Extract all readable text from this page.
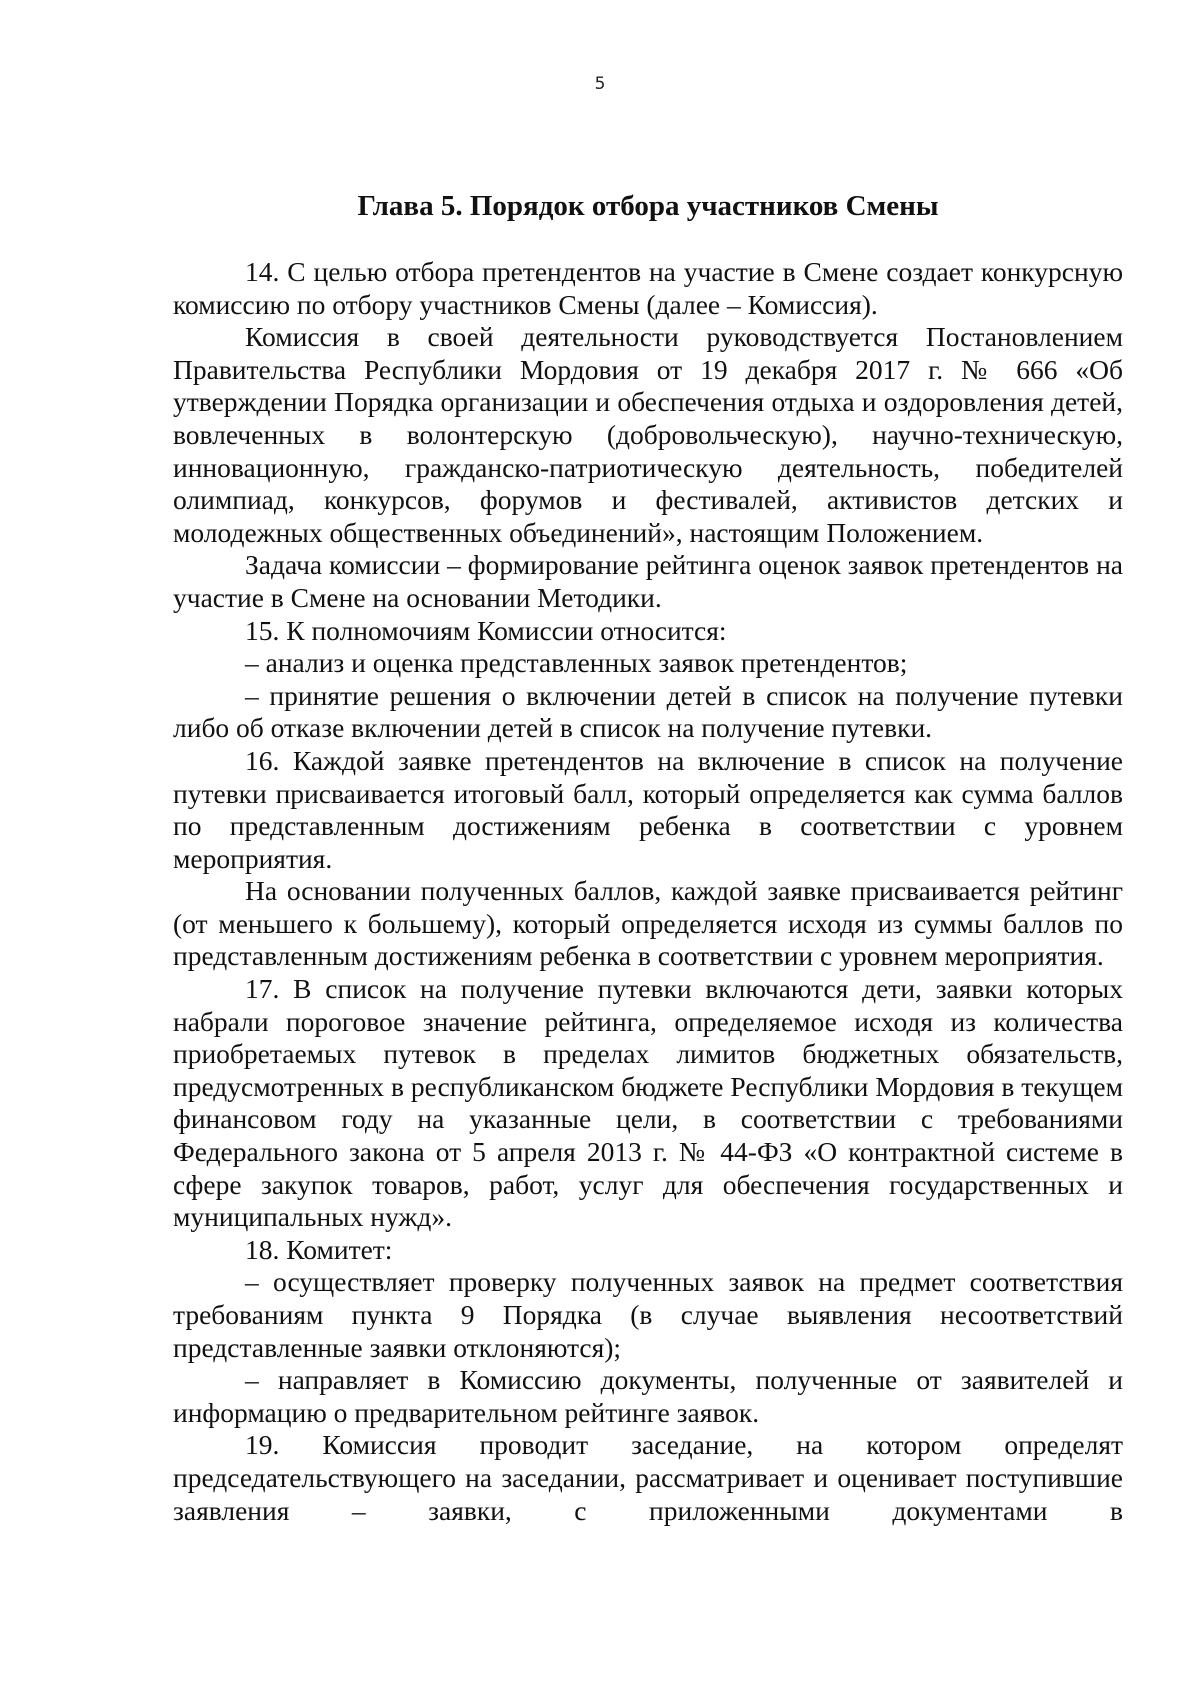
5
Глава 5. Порядок отбора участников Смены

14. С целью отбора претендентов на участие в Смене создает конкурсную комиссию по отбору участников Смены (далее – Комиссия).

Комиссия в своей деятельности руководствуется Постановлением Правительства Республики Мордовия от 19 декабря 2017 г. № 666 «Об утверждении Порядка организации и обеспечения отдыха и оздоровления детей, вовлеченных в волонтерскую (добровольческую), научно-техническую, инновационную, гражданско-патриотическую деятельность, победителей олимпиад, конкурсов, форумов и фестивалей, активистов детских и молодежных общественных объединений», настоящим Положением.

Задача комиссии – формирование рейтинга оценок заявок претендентов на участие в Смене на основании Методики.

15. К полномочиям Комиссии относится:

– анализ и оценка представленных заявок претендентов;

– принятие решения о включении детей в список на получение путевки либо об отказе включении детей в список на получение путевки.

16. Каждой заявке претендентов на включение в список на получение путевки присваивается итоговый балл, который определяется как сумма баллов по представленным достижениям ребенка в соответствии с уровнем мероприятия.

На основании полученных баллов, каждой заявке присваивается рейтинг (от меньшего к большему), который определяется исходя из суммы баллов по представленным достижениям ребенка в соответствии с уровнем мероприятия.

17. В список на получение путевки включаются дети, заявки которых набрали пороговое значение рейтинга, определяемое исходя из количества приобретаемых путевок в пределах лимитов бюджетных обязательств, предусмотренных в республиканском бюджете Республики Мордовия в текущем финансовом году на указанные цели, в соответствии с требованиями Федерального закона от 5 апреля 2013 г. № 44-ФЗ «О контрактной системе в сфере закупок товаров, работ, услуг для обеспечения государственных и муниципальных нужд».

18. Комитет:

– осуществляет проверку полученных заявок на предмет соответствия требованиям пункта 9 Порядка (в случае выявления несоответствий представленные заявки отклоняются);

– направляет в Комиссию документы, полученные от заявителей и информацию о предварительном рейтинге заявок.

19. Комиссия проводит заседание, на котором определят председательствующего на заседании, рассматривает и оценивает поступившие заявления – заявки, с приложенными документами в
